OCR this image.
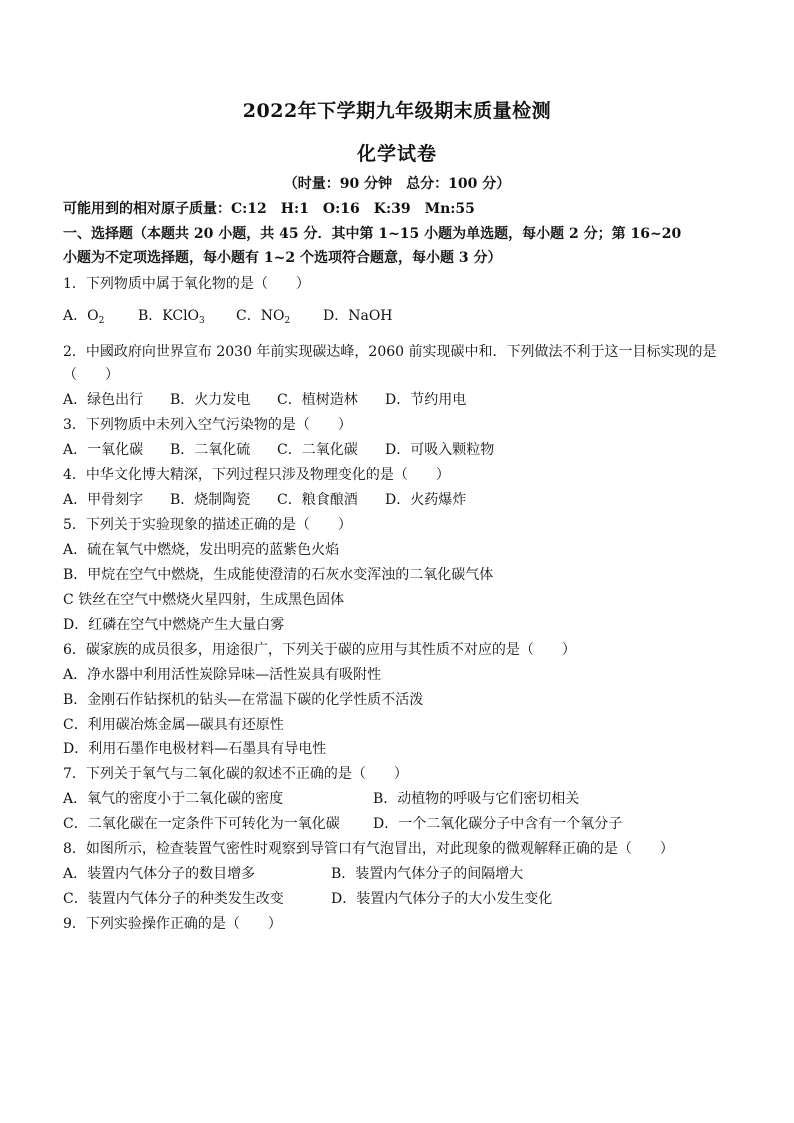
2022年下学期九年级期末质量检测
化学试卷
（时量：90 分钟　总分：100 分）
可能用到的相对原子质量：C:12　H:1　O:16　K:39　Mn:55
一、选择题（本题共 20 小题，共 45 分．其中第 1~15 小题为单选题，每小题 2 分；第 16~20
小题为不定项选择题，每小题有 1~2 个选项符合题意，每小题 3 分）
1．下列物质中属于氧化物的是（　　）
A．$O_2$ B．KClO$_3$ C．$NO_2$ D．NaOH
2．中國政府向世界宣布 2030 年前实现碳达峰，2060 前实现碳中和．下列做法不利于这一目标实现的是
（　　）
A．绿色出行 B．火力发电 C．植树造林 D．节约用电
3．下列物质中未列入空气污染物的是（　　）
A．一氧化碳 B．二氧化硫 C．二氧化碳 D．可吸入颗粒物
4．中华文化博大精深，下列过程只涉及物理变化的是（　　）
A．甲骨刻字 B．烧制陶瓷 C．粮食酿酒 D．火药爆炸
5．下列关于实验现象的描述正确的是（　　）
A．硫在氧气中燃烧，发出明亮的蓝紫色火焰
B．甲烷在空气中燃烧，生成能使澄清的石灰水变浑浊的二氧化碳气体
C 铁丝在空气中燃烧火星四射，生成黑色固体
D．红磷在空气中燃烧产生大量白雾
6．碳家族的成员很多，用途很广，下列关于碳的应用与其性质不对应的是（　　）
A．净水器中利用活性炭除异味—活性炭具有吸附性
B．金刚石作钻探机的钻头—在常温下碳的化学性质不活泼
C．利用碳冶炼金属—碳具有还原性
D．利用石墨作电极材料—石墨具有导电性
7．下列关于氧气与二氧化碳的叙述不正确的是（　　）
A．氧气的密度小于二氧化碳的密度	B．动植物的呼吸与它们密切相关
C．二氧化碳在一定条件下可转化为一氧化碳 D．一个二氧化碳分子中含有一个氧分子
8．如图所示，检查装置气密性时观察到导管口有气泡冒出，对此现象的微观解释正确的是（　　）
A．装置内气体分子的数目增多	B．装置内气体分子的间隔增大
C．装置内气体分子的种类发生改变	D．装置内气体分子的大小发生变化
9．下列实验操作正确的是（　　）
